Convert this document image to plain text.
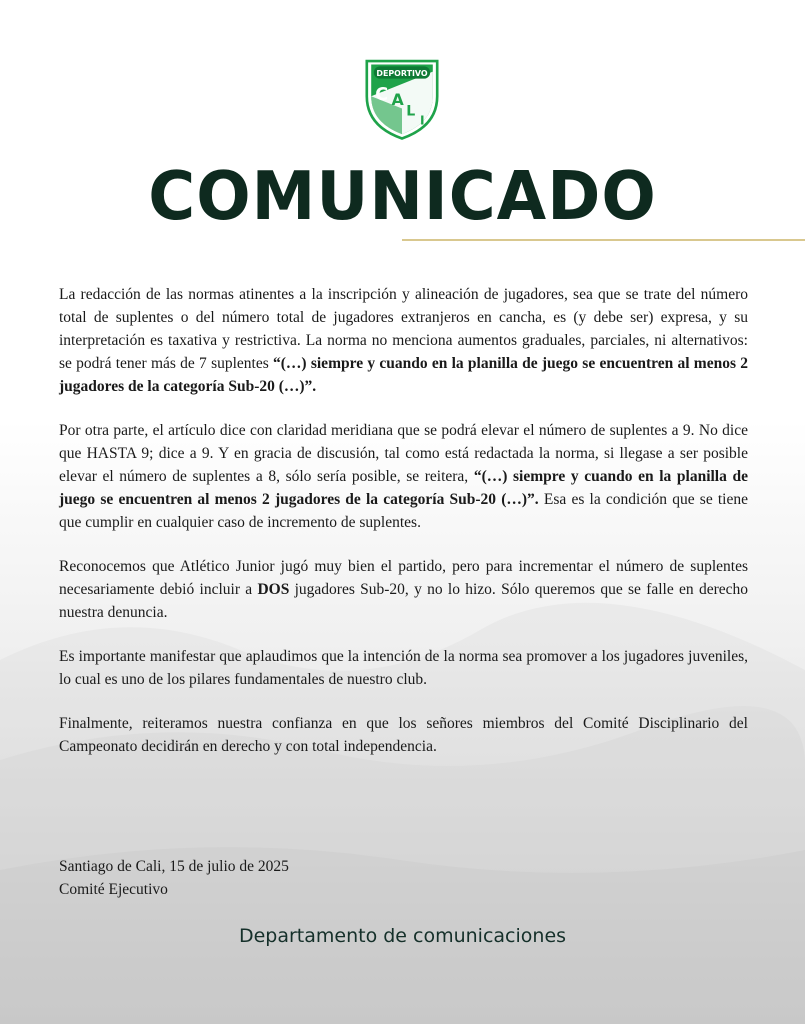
DEPORTIVO
C A
L
I
COMUNICADO

La redacción de las normas atinentes a la inscripción y alineación de jugadores, sea que se trate del número total de suplentes o del número total de jugadores extranjeros en cancha, es (y debe ser) expresa, y su interpretación es taxativa y restrictiva. La norma no menciona aumentos graduales, parciales, ni alternativos: se podrá tener más de 7 suplentes “(…) siempre y cuando en la planilla de juego se encuentren al menos 2 jugadores de la categoría Sub-20 (…)”.

Por otra parte, el artículo dice con claridad meridiana que se podrá elevar el número de suplentes a 9. No dice que HASTA 9; dice a 9. Y en gracia de discusión, tal como está redactada la norma, si llegase a ser posible elevar el número de suplentes a 8, sólo sería posible, se reitera, “(…) siempre y cuando en la planilla de juego se encuentren al menos 2 jugadores de la categoría Sub-20 (…)”. Esa es la condición que se tiene que cumplir en cualquier caso de incremento de suplentes.

Reconocemos que Atlético Junior jugó muy bien el partido, pero para incrementar el número de suplentes necesariamente debió incluir a DOS jugadores Sub-20, y no lo hizo. Sólo queremos que se falle en derecho nuestra denuncia.

Es importante manifestar que aplaudimos que la intención de la norma sea promover a los jugadores juveniles, lo cual es uno de los pilares fundamentales de nuestro club.

Finalmente, reiteramos nuestra confianza en que los señores miembros del Comité Disciplinario del Campeonato decidirán en derecho y con total independencia.

Santiago de Cali, 15 de julio de 2025
Comité Ejecutivo
Departamento de comunicaciones
